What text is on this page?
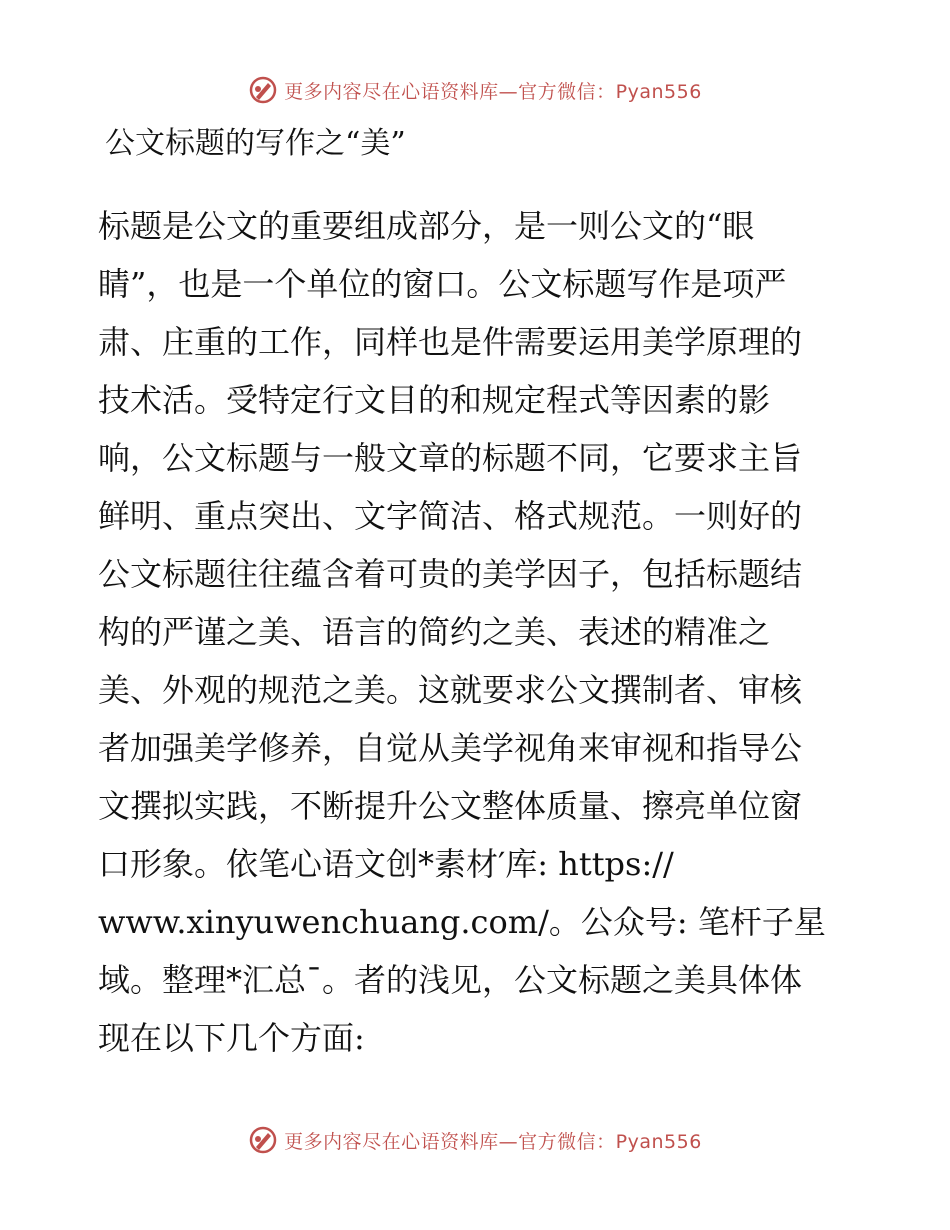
更多内容尽在心语资料库—官方微信：Pyan556
公文标题的写作之“美”
标题是公文的重要组成部分，是一则公文的“眼
睛”，也是一个单位的窗口。公文标题写作是项严
肃、庄重的工作，同样也是件需要运用美学原理的
技术活。受特定行文目的和规定程式等因素的影
响，公文标题与一般文章的标题不同，它要求主旨
鲜明、重点突出、文字简洁、格式规范。一则好的
公文标题往往蕴含着可贵的美学因子，包括标题结
构的严谨之美、语言的简约之美、表述的精准之
美、外观的规范之美。这就要求公文撰制者、审核
者加强美学修养，自觉从美学视角来审视和指导公
文撰拟实践，不断提升公文整体质量、擦亮单位窗
口形象。依笔心语文创*素材′库: https://
www.xinyuwenchuang.com/。公众号: 笔杆子星
域。整理*汇总¯。者的浅见，公文标题之美具体体
现在以下几个方面:
更多内容尽在心语资料库—官方微信：Pyan556
